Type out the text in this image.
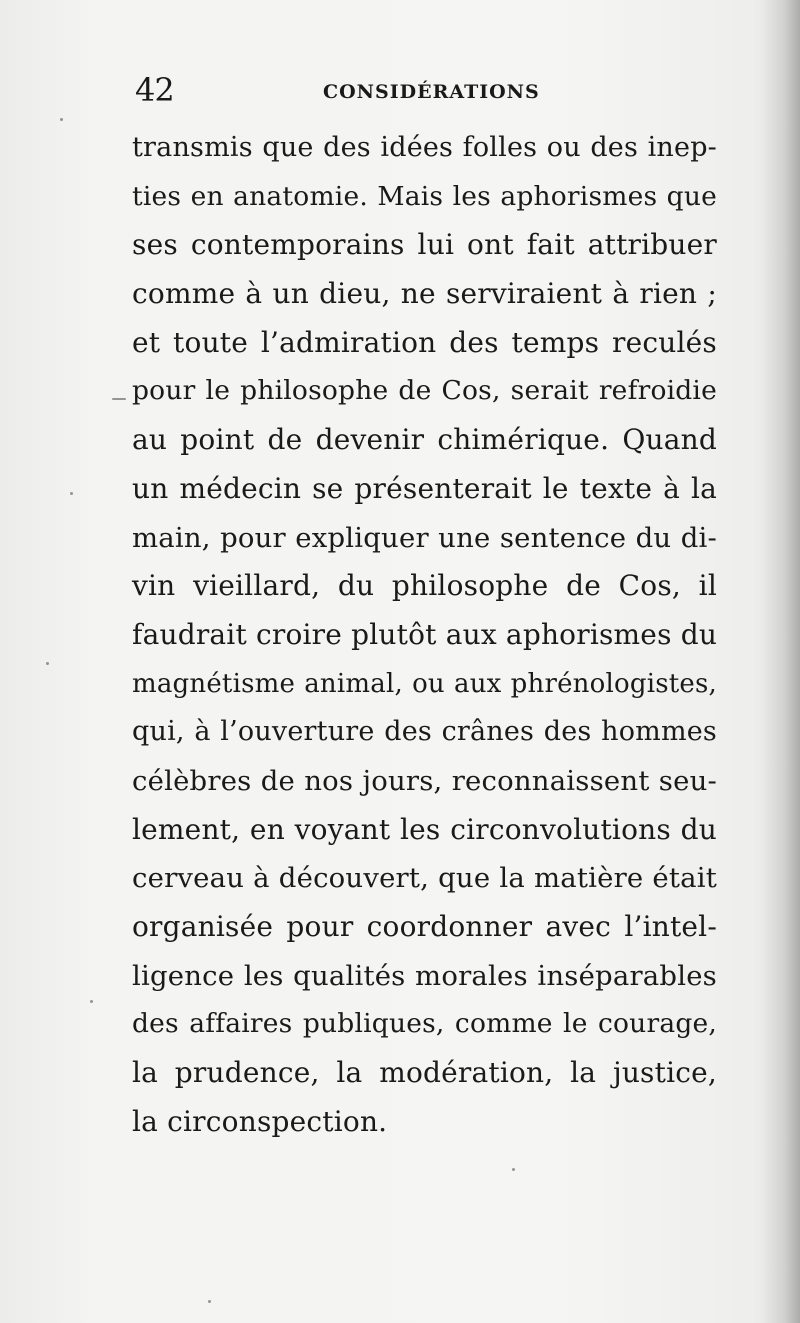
42	CONSIDÉRATIONS
transmis que des idées folles ou des inep-
ties en anatomie. Mais les aphorismes que
ses contemporains lui ont fait attribuer
comme à un dieu, ne serviraient à rien ;
et toute l’admiration des temps reculés
pour le philosophe de Cos, serait refroidie
au point de devenir chimérique. Quand
un médecin se présenterait le texte à la
main, pour expliquer une sentence du di-
vin vieillard, du philosophe de Cos, il
faudrait croire plutôt aux aphorismes du
magnétisme animal, ou aux phrénologistes,
qui, à l’ouverture des crânes des hommes
célèbres de nos jours, reconnaissent seu-
lement, en voyant les circonvolutions du
cerveau à découvert, que la matière était
organisée pour coordonner avec l’intel-
ligence les qualités morales inséparables
des affaires publiques, comme le courage,
la prudence, la modération, la justice,
la circonspection.
